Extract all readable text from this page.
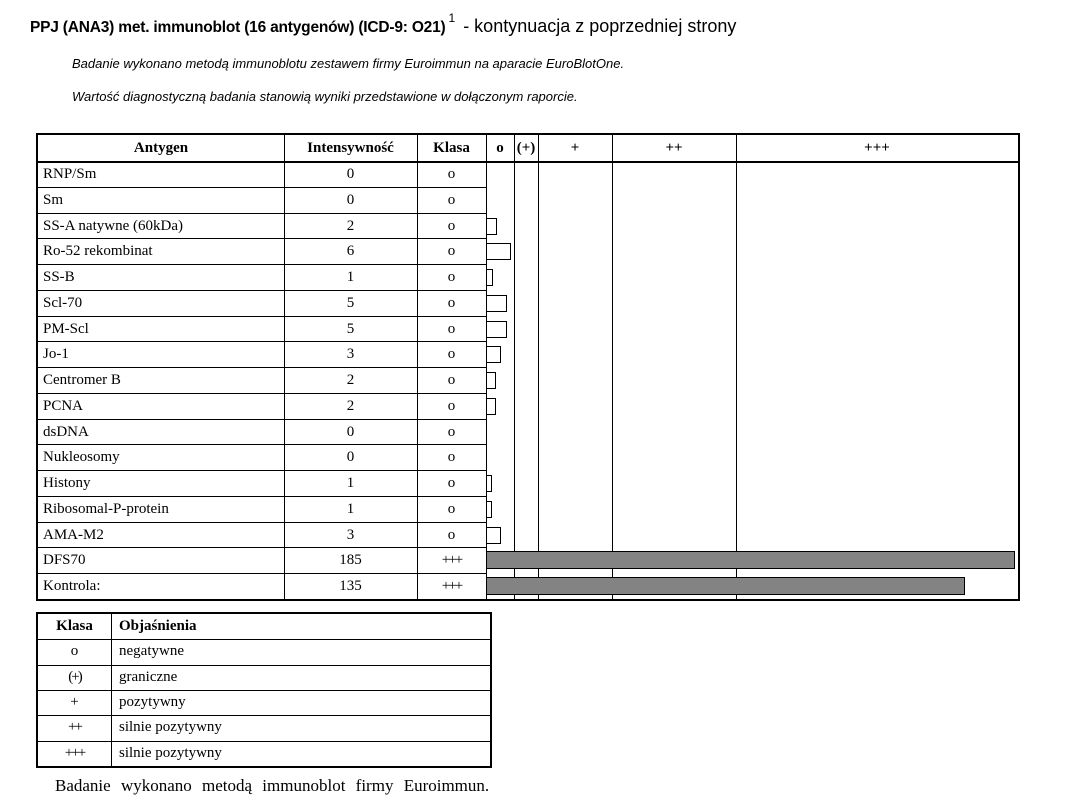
PPJ (ANA3) met. immunoblot (16 antygenów) (ICD-9: O21)$^1$ - kontynuacja z poprzedniej strony
Badanie wykonano metodą immunoblotu zestawem firmy Euroimmun na aparacie EuroBlotOne.
Wartość diagnostyczną badania stanowią wyniki przedstawione w dołączonym raporcie.
Antygen	Intensywność	Klasa	o (+)	+	++	+++
RNP/Sm	0	o
Sm	0	o
SS-A natywne (60kDa)	2	o
Ro-52 rekombinat	6	o
SS-B	1	o
Scl-70	5	o
PM-Scl	5	o
Jo-1	3	o
Centromer B	2	o
PCNA	2	o
dsDNA	0	o
Nukleosomy	0	o
Histony	1	o
Ribosomal-P-protein	1	o
AMA-M2	3	o
DFS70	185	+++
Kontrola:	135	+++
Klasa	Objaśnienia
o	negatywne
(+)	graniczne
+	pozytywny
++	silnie pozytywny
+++	silnie pozytywny
Badanie wykonano metodą immunoblot firmy Euroimmun.
